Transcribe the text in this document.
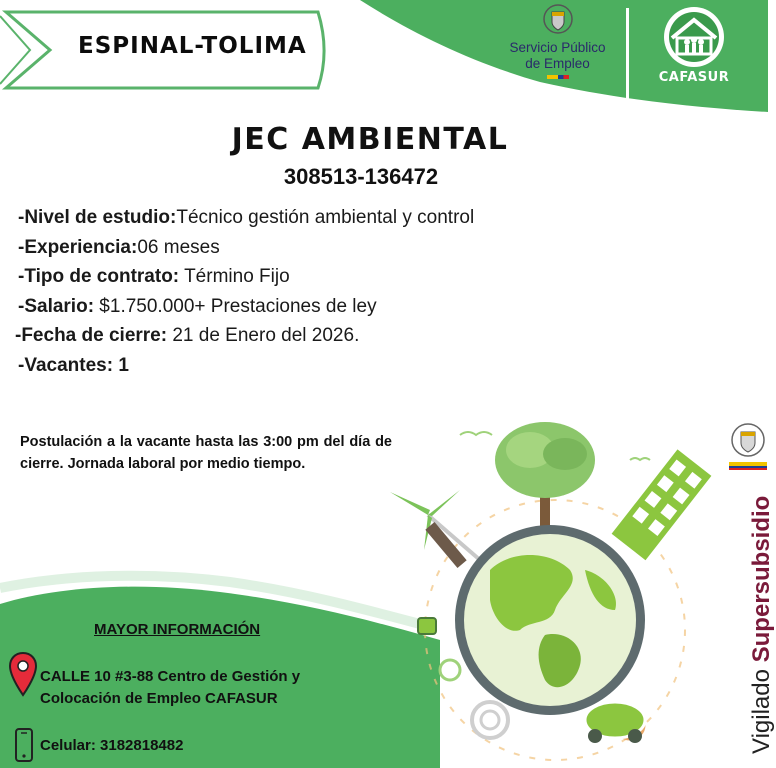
ESPINAL-TOLIMA	Servicio Público
de Empleo
CAFASUR
JEC AMBIENTAL
308513-136472
-Nivel de estudio:Técnico gestión ambiental y control
-Experiencia:06 meses
-Tipo de contrato: Término Fijo
-Salario: $1.750.000+ Prestaciones de ley
-Fecha de cierre: 21 de Enero del 2026.
-Vacantes: 1
Postulación a la vacante hasta las 3:00 pm del día de cierre. Jornada laboral por medio tiempo.
MAYOR INFORMACIÓN
CALLE 10 #3-88 Centro de Gestión y Colocación de Empleo CAFASUR
Celular: 3182818482	Vigilado Supersubsidio
